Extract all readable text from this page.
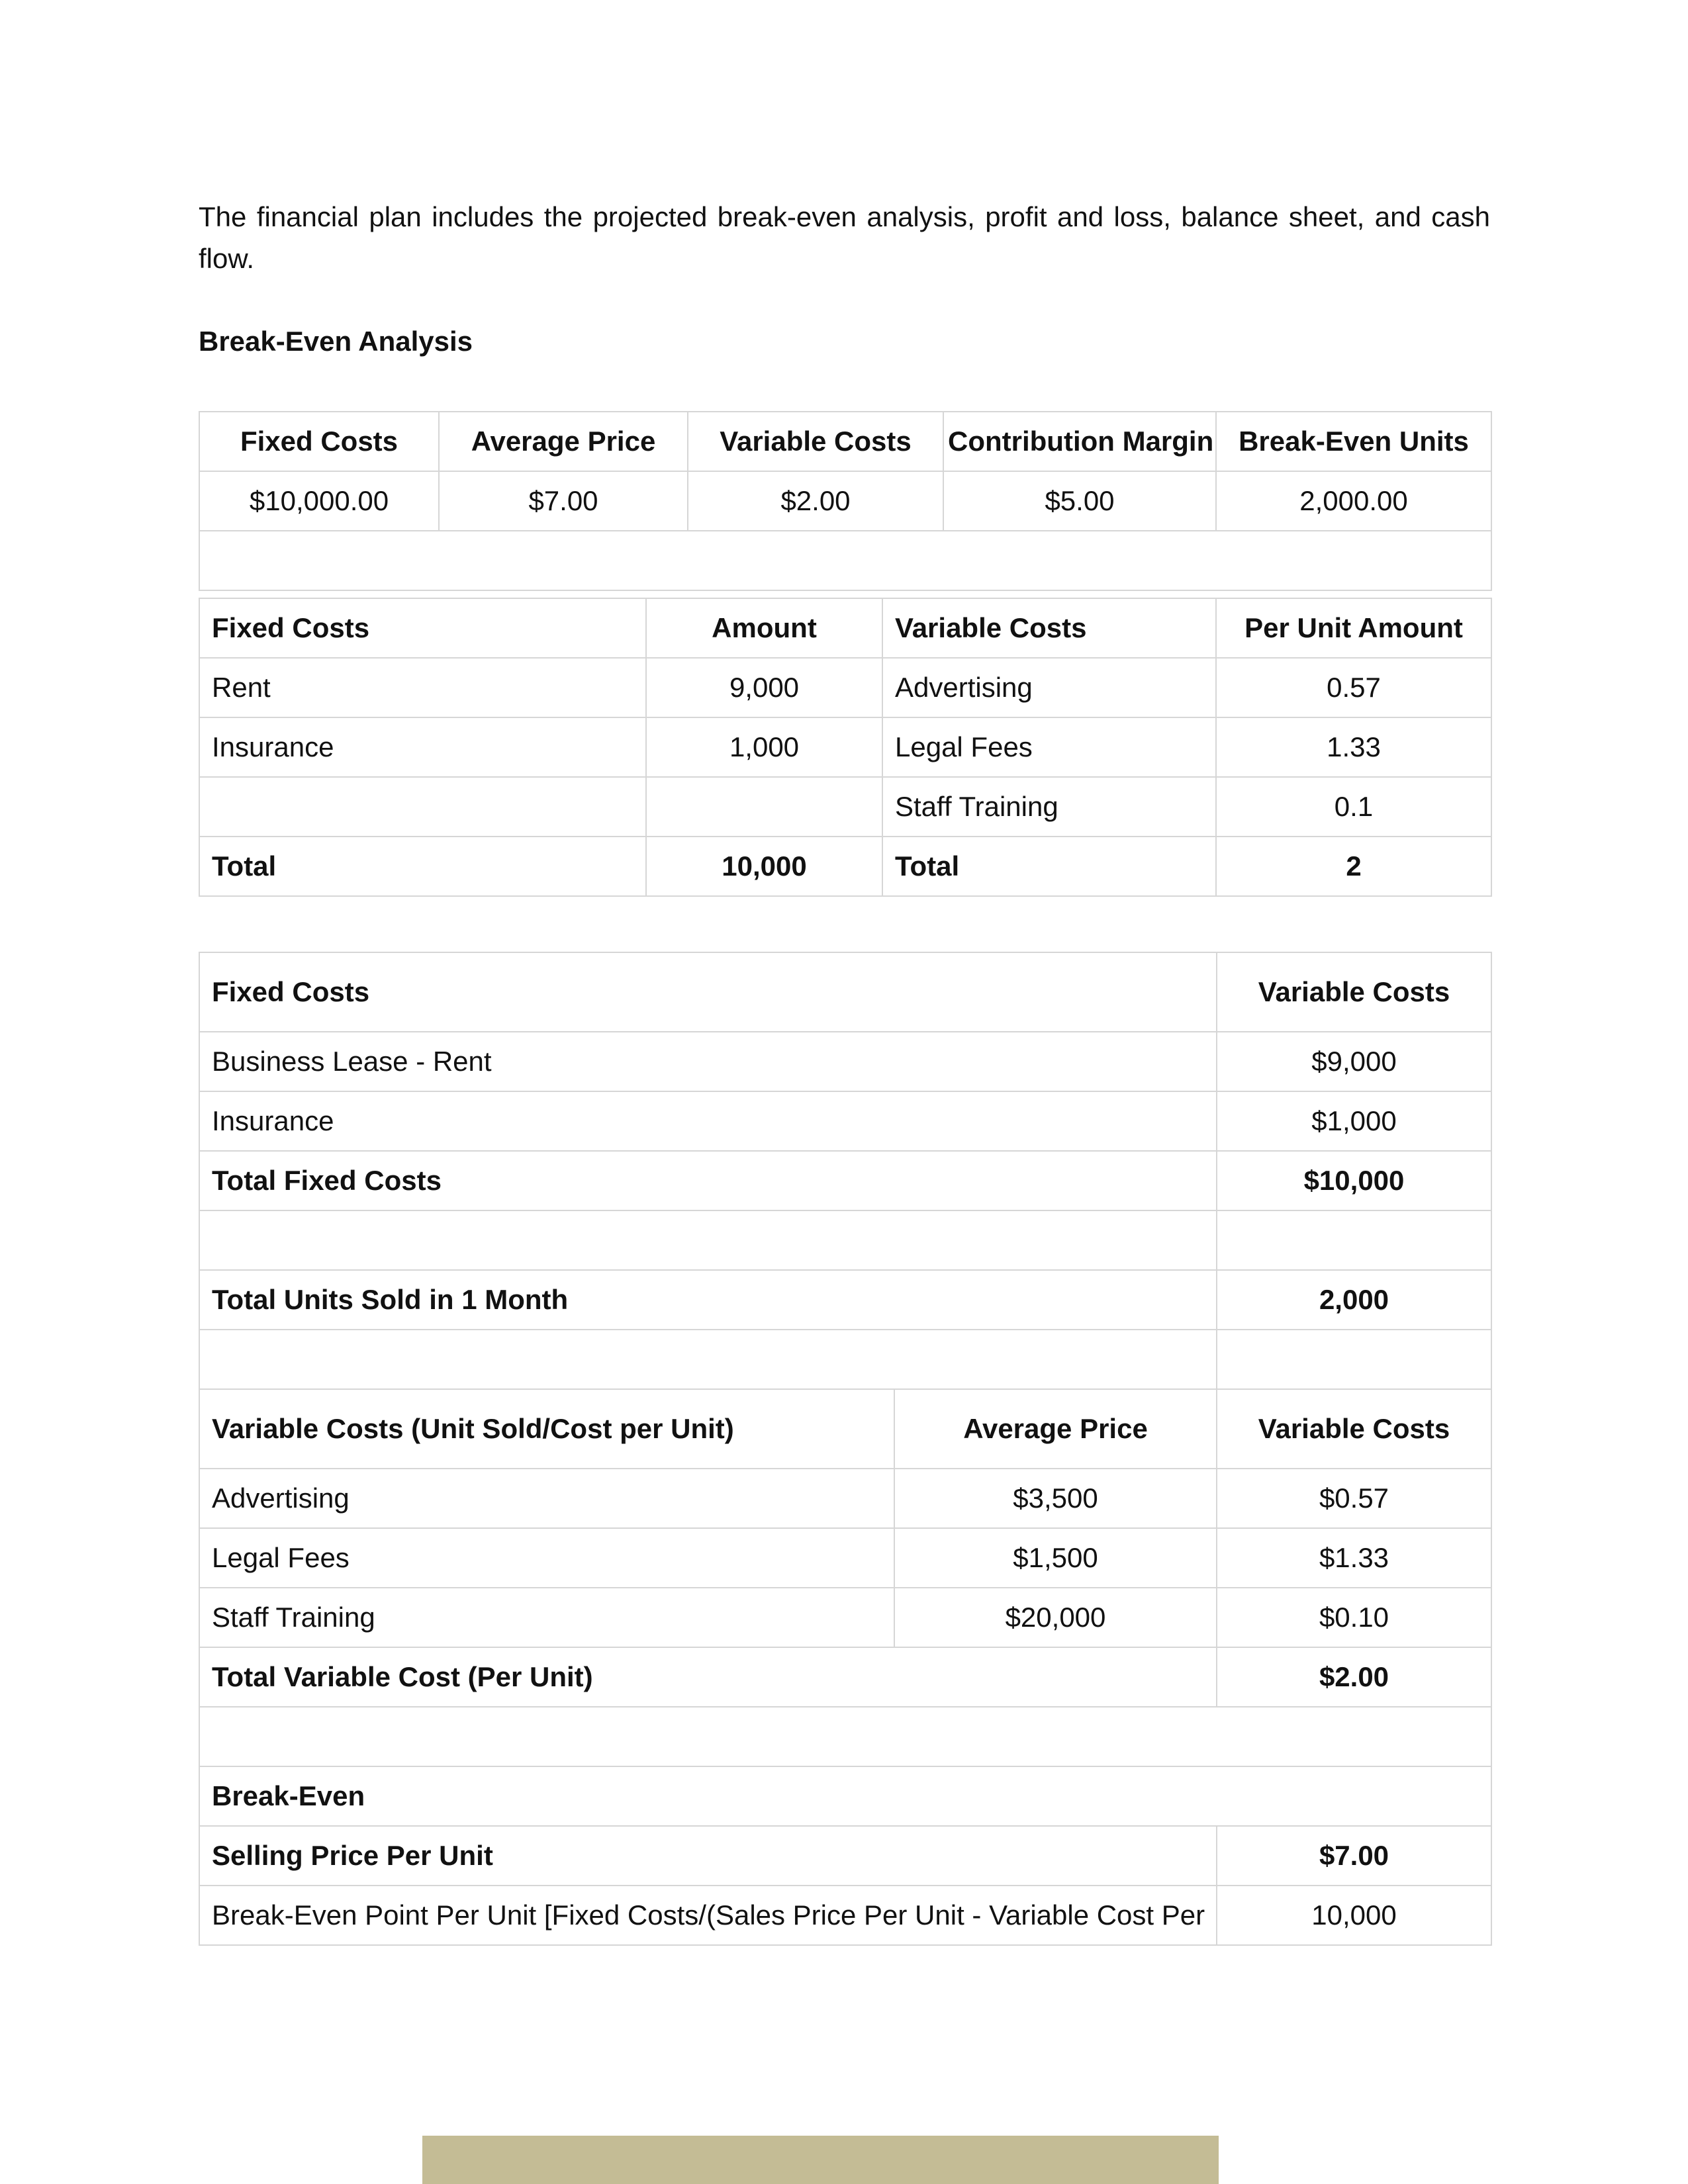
The financial plan includes the projected break-even analysis, profit and loss, balance sheet, and cash flow.

Break-Even Analysis

Fixed Costs	Average Price	Variable Costs	Contribution Margin	Break-Even Units
$10,000.00	$7.00	$2.00	$5.00	2,000.00

Fixed Costs	Amount	Variable Costs	Per Unit Amount
Rent	9,000	Advertising	0.57
Insurance	1,000	Legal Fees	1.33
		Staff Training	0.1
Total	10,000	Total	2
Fixed Costs		Variable Costs
Business Lease - Rent		$9,000
Insurance		$1,000
Total Fixed Costs		$10,000

Total Units Sold in 1 Month		2,000

Variable Costs (Unit Sold/Cost per Unit)	Average Price	Variable Costs
Advertising	$3,500	$0.57
Legal Fees	$1,500	$1.33
Staff Training	$20,000	$0.10
Total Variable Cost (Per Unit)		$2.00

Break-Even		
Selling Price Per Unit		$7.00
Break-Even Point Per Unit [Fixed Costs/(Sales Price Per Unit - Variable Cost Per		10,000
